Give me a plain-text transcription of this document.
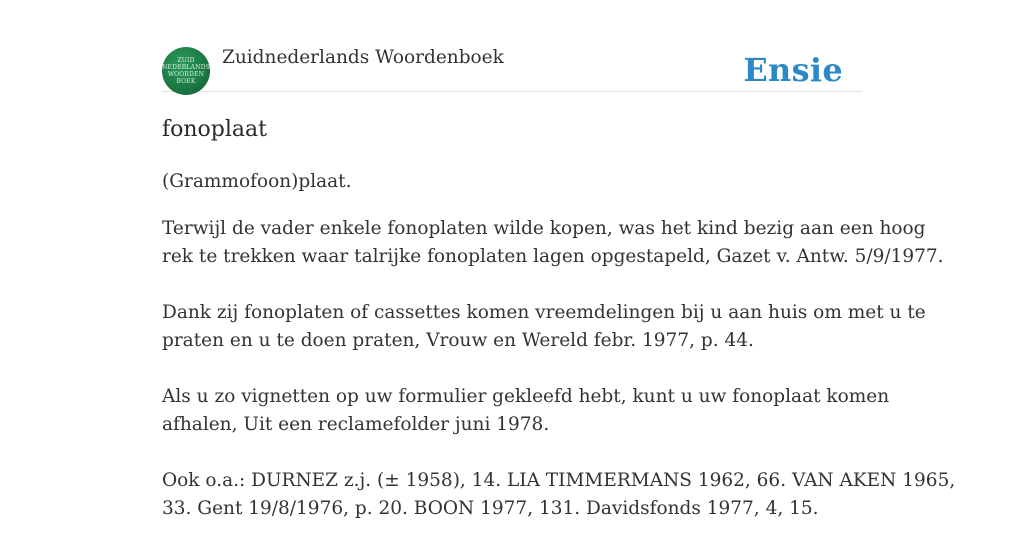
ZUID
NEDERLANDS
WOORDEN
BOEK
Zuidnederlands Woordenboek	Ensie
fonoplaat

(Grammofoon)plaat.

Terwijl de vader enkele fonoplaten wilde kopen, was het kind bezig aan een hoog
rek te trekken waar talrijke fonoplaten lagen opgestapeld, Gazet v. Antw. 5/9/1977.

Dank zij fonoplaten of cassettes komen vreemdelingen bij u aan huis om met u te
praten en u te doen praten, Vrouw en Wereld febr. 1977, p. 44.

Als u zo vignetten op uw formulier gekleefd hebt, kunt u uw fonoplaat komen
afhalen, Uit een reclamefolder juni 1978.

Ook o.a.: DURNEZ z.j. (± 1958), 14. LIA TIMMERMANS 1962, 66. VAN AKEN 1965,
33. Gent 19/8/1976, p. 20. BOON 1977, 131. Davidsfonds 1977, 4, 15.
